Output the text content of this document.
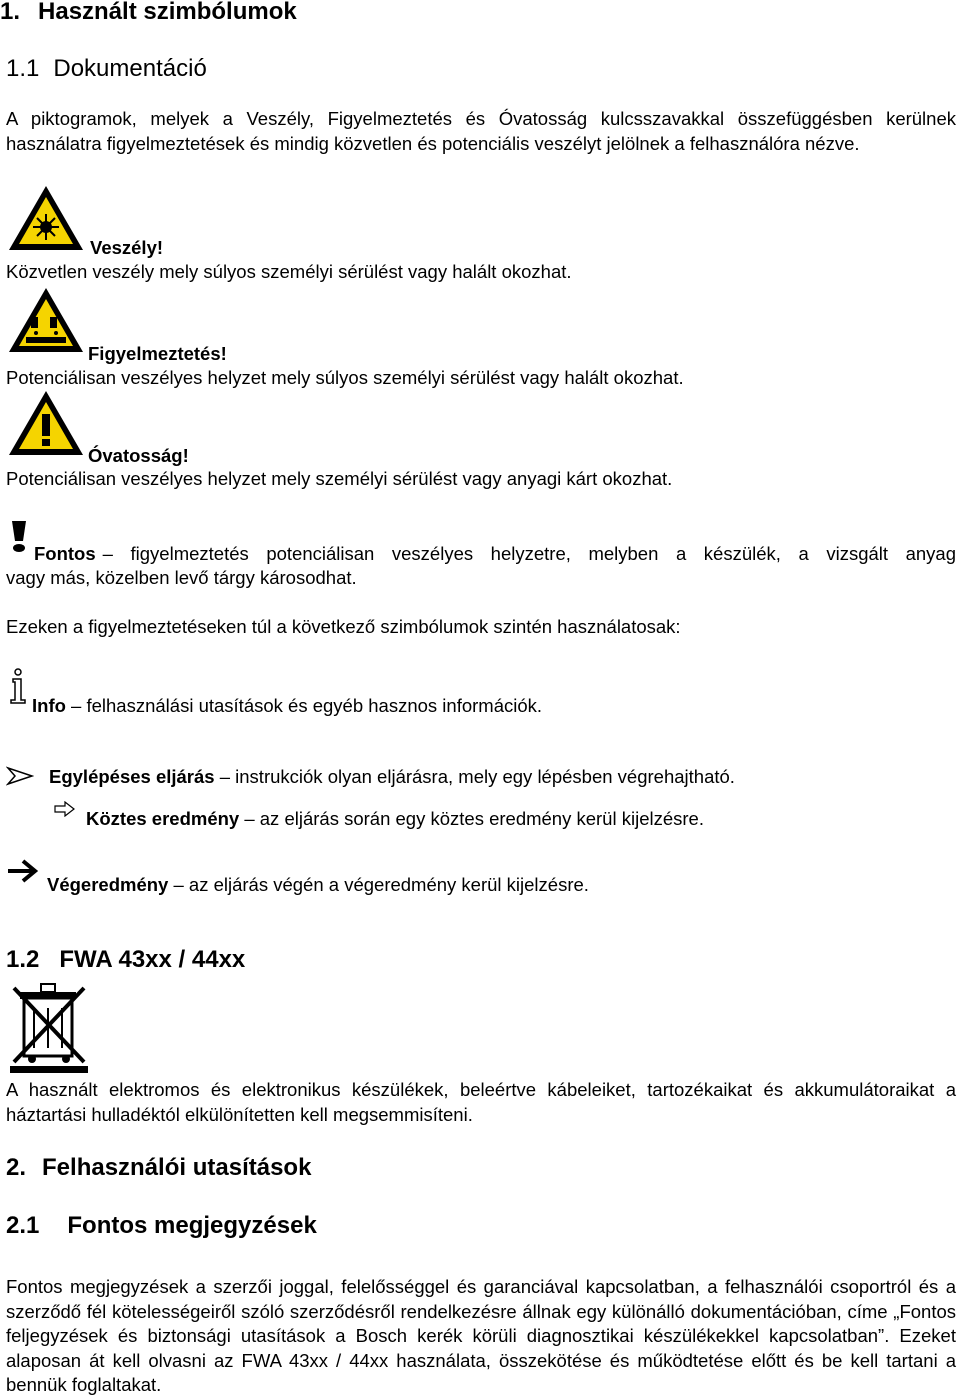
1. Használt szimbólumok
1.1 Dokumentáció
A piktogramok, melyek a Veszély, Figyelmeztetés és Óvatosság kulcsszavakkal összefüggésben kerülnek használatra figyelmeztetések és mindig közvetlen és potenciális veszélyt jelölnek a felhasználóra nézve.
Veszély!
Közvetlen veszély mely súlyos személyi sérülést vagy halált okozhat.
Figyelmeztetés!
Potenciálisan veszélyes helyzet mely súlyos személyi sérülést vagy halált okozhat.
Óvatosság!
Potenciálisan veszélyes helyzet mely személyi sérülést vagy anyagi kárt okozhat.
Fontos – figyelmeztetés potenciálisan veszélyes helyzetre, melyben a készülék, a vizsgált anyag
vagy más, közelben levő tárgy károsodhat.
Ezeken a figyelmeztetéseken túl a következő szimbólumok szintén használatosak:
Info – felhasználási utasítások és egyéb hasznos információk.
Egylépéses eljárás – instrukciók olyan eljárásra, mely egy lépésben végrehajtható.
Köztes eredmény – az eljárás során egy köztes eredmény kerül kijelzésre.
Végeredmény – az eljárás végén a végeredmény kerül kijelzésre.
1.2 FWA 43xx / 44xx
A használt elektromos és elektronikus készülékek, beleértve kábeleiket, tartozékaikat és akkumulátoraikat a háztartási hulladéktól elkülönítetten kell megsemmisíteni.
2. Felhasználói utasítások
2.1 Fontos megjegyzések
Fontos megjegyzések a szerzői joggal, felelősséggel és garanciával kapcsolatban, a felhasználói csoportról és a szerződő fél kötelességeiről szóló szerződésről rendelkezésre állnak egy különálló dokumentációban, címe „Fontos feljegyzések és biztonsági utasítások a Bosch kerék körüli diagnosztikai készülékekkel kapcsolatban”. Ezeket alaposan át kell olvasni az FWA 43xx / 44xx használata, összekötése és működtetése előtt és be kell tartani a bennük foglaltakat.
